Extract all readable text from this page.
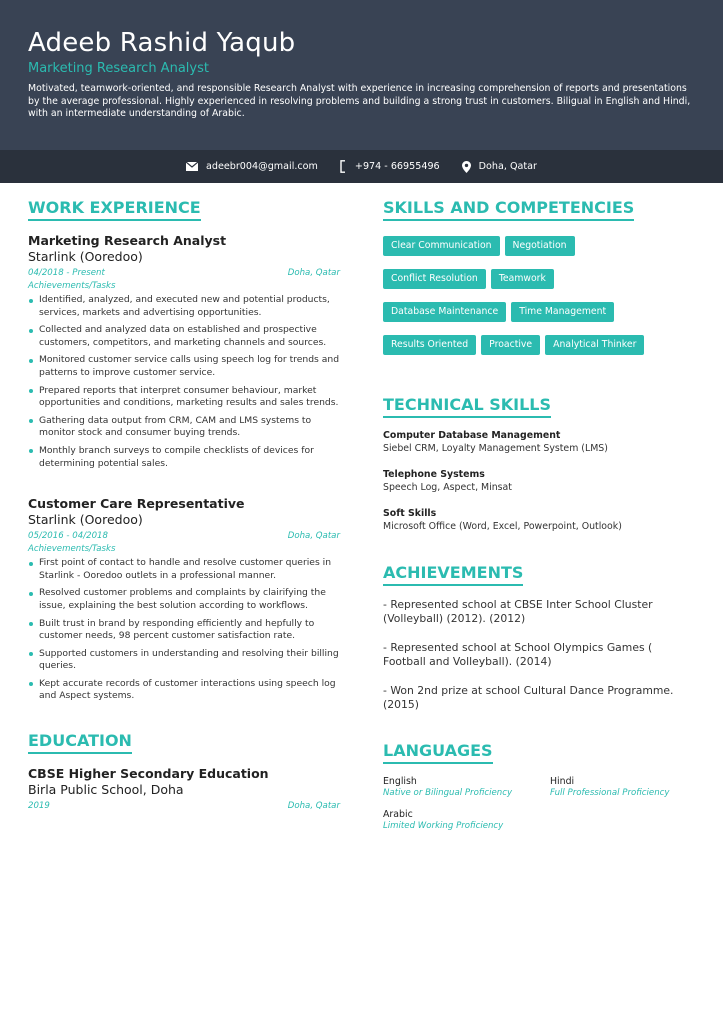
Adeeb Rashid Yaqub
Marketing Research Analyst
Motivated, teamwork-oriented, and responsible Research Analyst with experience in increasing comprehension of reports and presentations by the average professional. Highly experienced in resolving problems and building a strong trust in customers. Biligual in English and Hindi, with an intermediate understanding of Arabic.
adeebr004@gmail.com	+974 - 66955496	Doha, Qatar
WORK EXPERIENCE
Marketing Research Analyst
Starlink (Ooredoo)
04/2018 - Present	Doha, Qatar
Achievements/Tasks
Identified, analyzed, and executed new and potential products, services, markets and advertising opportunities.
Collected and analyzed data on established and prospective customers, competitors, and marketing channels and sources.
Monitored customer service calls using speech log for trends and patterns to improve customer service.
Prepared reports that interpret consumer behaviour, market opportunities and conditions, marketing results and sales trends.
Gathering data output from CRM, CAM and LMS systems to monitor stock and consumer buying trends.
Monthly branch surveys to compile checklists of devices for determining potential sales.
Customer Care Representative
Starlink (Ooredoo)
05/2016 - 04/2018	Doha, Qatar
Achievements/Tasks
First point of contact to handle and resolve customer queries in Starlink - Ooredoo outlets in a professional manner.
Resolved customer problems and complaints by clairifying the issue, explaining the best solution according to workflows.
Built trust in brand by responding efficiently and hepfully to customer needs, 98 percent customer satisfaction rate.
Supported customers in understanding and resolving their billing queries.
Kept accurate records of customer interactions using speech log and Aspect systems.
EDUCATION
CBSE Higher Secondary Education
Birla Public School, Doha
2019	Doha, Qatar
SKILLS AND COMPETENCIES
Clear Communication Negotiation
Conflict Resolution Teamwork
Database Maintenance Time Management
Results Oriented Proactive Analytical Thinker
TECHNICAL SKILLS
Computer Database Management
Siebel CRM, Loyalty Management System (LMS)
Telephone Systems
Speech Log, Aspect, Minsat
Soft Skills
Microsoft Office (Word, Excel, Powerpoint, Outlook)
ACHIEVEMENTS
- Represented school at CBSE Inter School Cluster (Volleyball) (2012). (2012)
- Represented school at School Olympics Games ( Football and Volleyball). (2014)
- Won 2nd prize at school Cultural Dance Programme. (2015)
LANGUAGES
English
Native or Bilingual Proficiency
Hindi
Full Professional Proficiency
Arabic
Limited Working Proficiency
